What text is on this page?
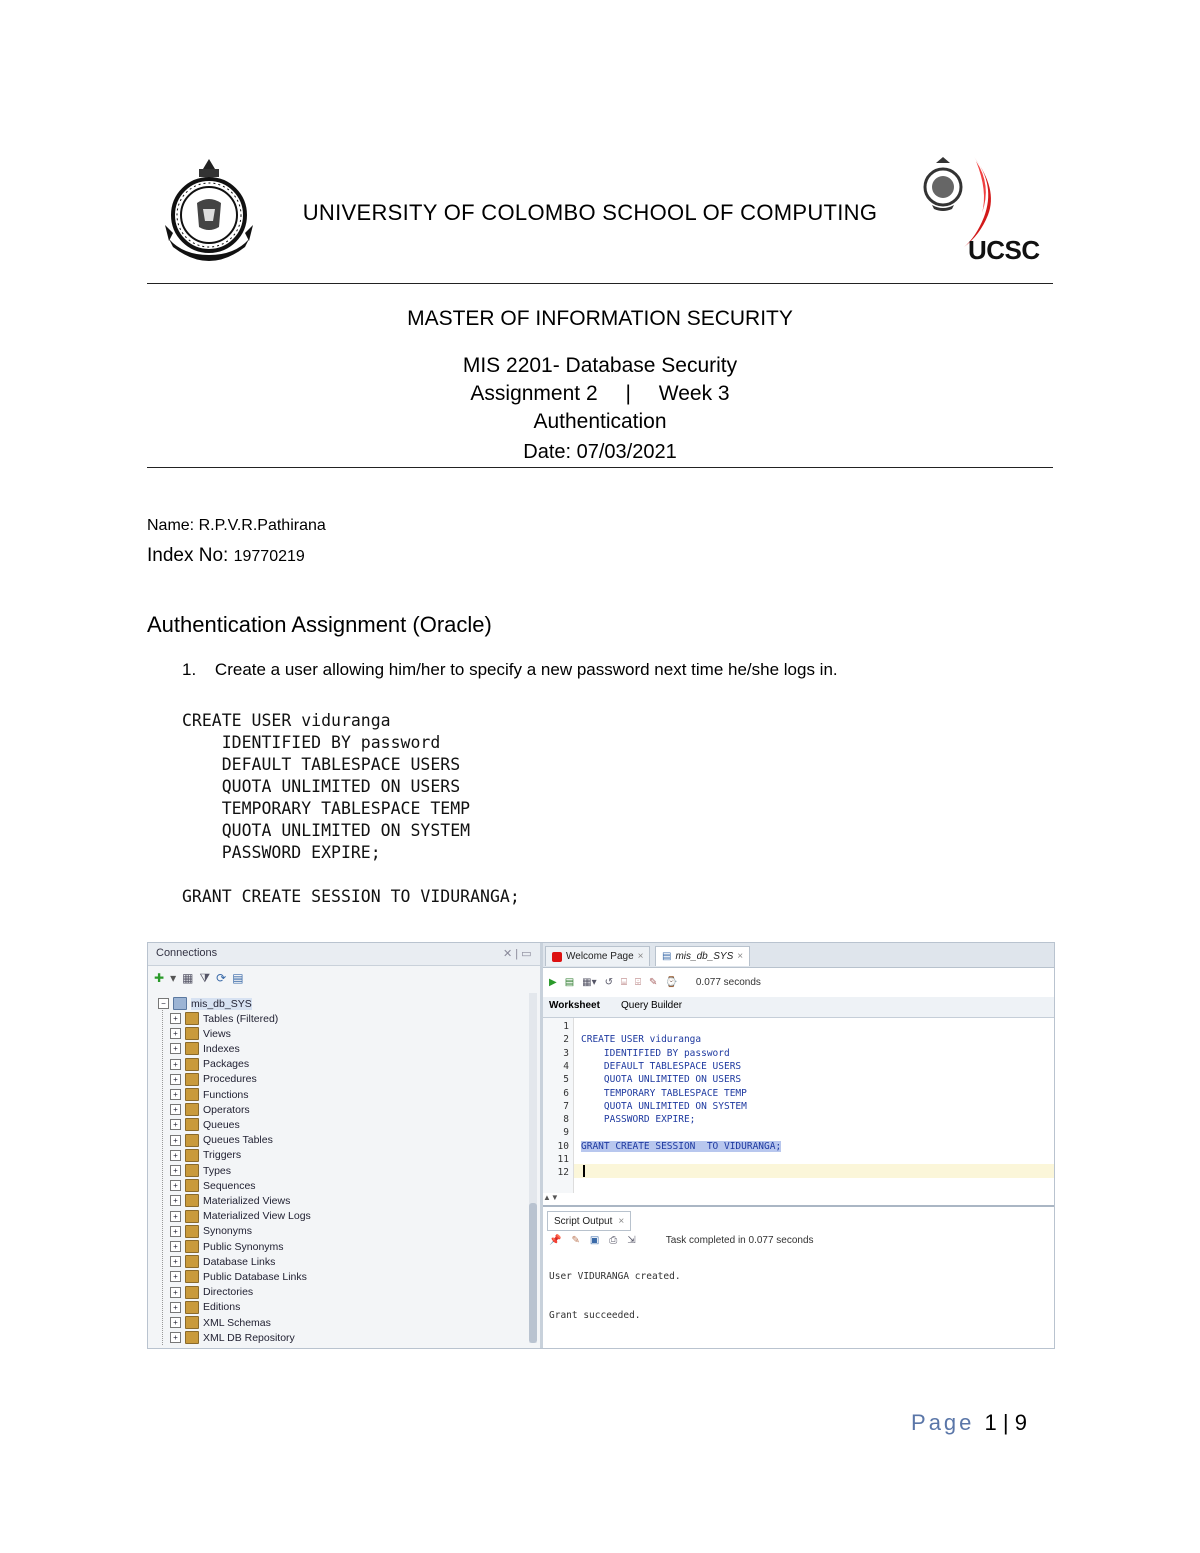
UNIVERSITY OF COLOMBO SCHOOL OF COMPUTING
UCSC
MASTER OF INFORMATION SECURITY
MIS 2201- Database Security
Assignment 2 | Week 3
Authentication
Date: 07/03/2021
Name: R.P.V.R.Pathirana
Index No: 19770219
Authentication Assignment (Oracle)
1. Create a user allowing him/her to specify a new password next time he/she logs in.
CREATE USER viduranga
IDENTIFIED BY password
DEFAULT TABLESPACE USERS
QUOTA UNLIMITED ON USERS
TEMPORARY TABLESPACE TEMP
QUOTA UNLIMITED ON SYSTEM
PASSWORD EXPIRE;

GRANT CREATE SESSION TO VIDURANGA;

Connections	✕ | ▭
✚ ▾ ▦ ⧩ ⟳ ▤
−	mis_db_SYS
+	Tables (Filtered)
+	Views
+	Indexes
+	Packages
+	Procedures
+	Functions
+	Operators
+	Queues
+	Queues Tables
+	Triggers
+	Types
+	Sequences
+	Materialized Views
+	Materialized View Logs
+	Synonyms
+	Public Synonyms
+	Database Links
+	Public Database Links
+	Directories
+	Editions
+	XML Schemas
+	XML DB Repository
Welcome Page × ▤ mis_db_SYS ×
▶ ▤ ▦▾ ↺ ⌸ ⌹ ✎ ⌚ 0.077 seconds
Worksheet Query Builder
1
2
3
4
5
6
7
8
9
10
11
12
CREATE USER viduranga
IDENTIFIED BY password
DEFAULT TABLESPACE USERS
QUOTA UNLIMITED ON USERS
TEMPORARY TABLESPACE TEMP
QUOTA UNLIMITED ON SYSTEM
PASSWORD EXPIRE;
GRANT CREATE SESSION  TO VIDURANGA;
▲▼
Script Output ×
📌 ✎ ▣ ⎙ ⇲	Task completed in 0.077 seconds
User VIDURANGA created.
Grant succeeded.
Page 1 | 9
